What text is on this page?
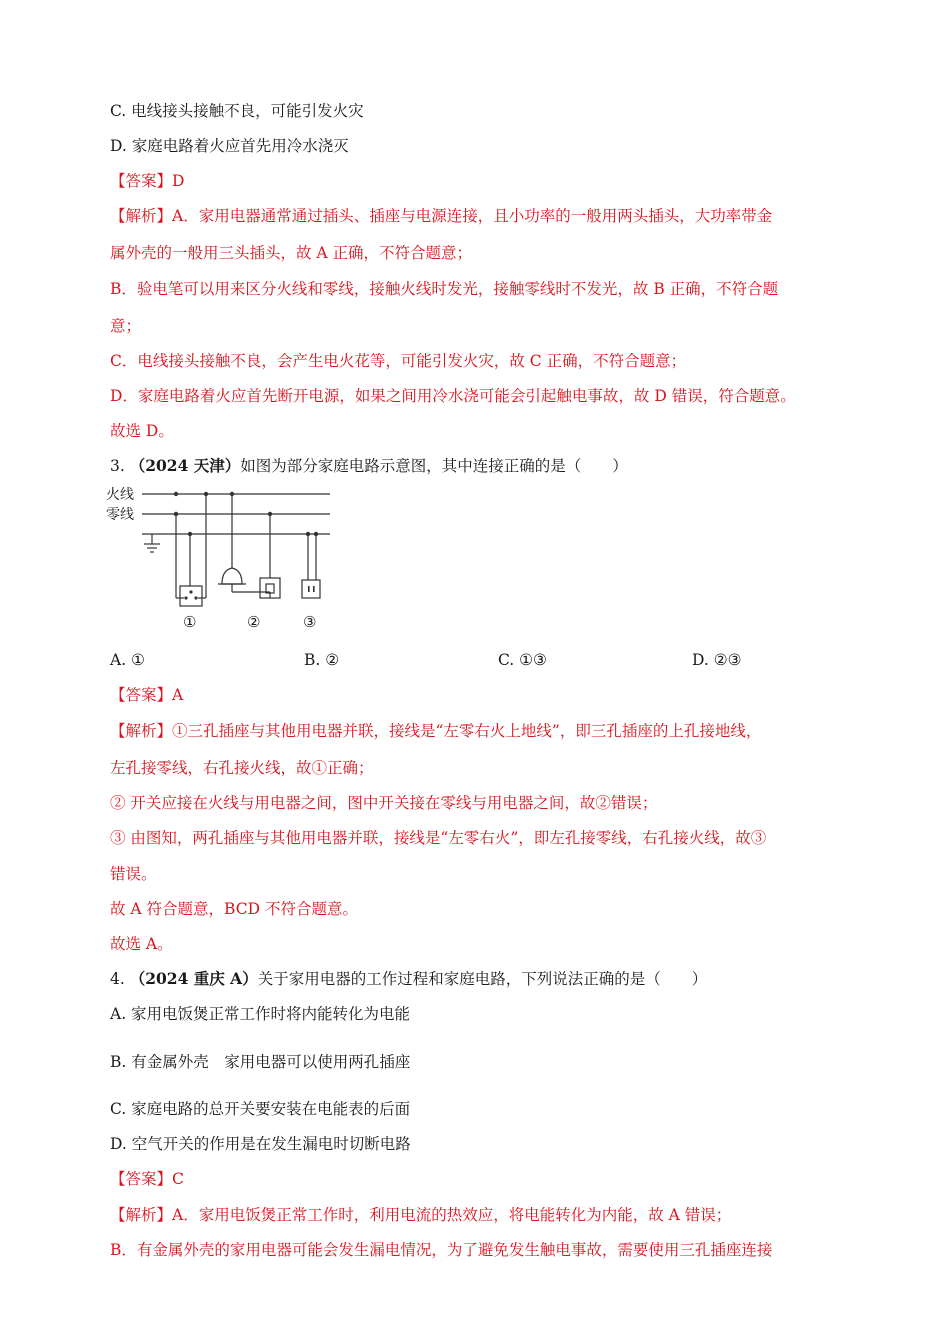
C. 电线接头接触不良，可能引发火灾
D. 家庭电路着火应首先用冷水浇灭
【答案】D
【解析】A．家用电器通常通过插头、插座与电源连接，且小功率的一般用两头插头，大功率带金
属外壳的一般用三头插头，故 A 正确，不符合题意；
B．验电笔可以用来区分火线和零线，接触火线时发光，接触零线时不发光，故 B 正确，不符合题
意；
C．电线接头接触不良，会产生电火花等，可能引发火灾，故 C 正确，不符合题意；
D．家庭电路着火应首先断开电源，如果之间用冷水浇可能会引起触电事故，故 D 错误，符合题意。
故选 D。
3. （2024 天津）如图为部分家庭电路示意图，其中连接正确的是（　　）
火线
零线
①	②	③
A. ①	B. ②	C. ①③	D. ②③
【答案】A
【解析】①三孔插座与其他用电器并联，接线是“左零右火上地线”，即三孔插座的上孔接地线，
左孔接零线，右孔接火线，故①正确；
② 开关应接在火线与用电器之间，图中开关接在零线与用电器之间，故②错误；
③ 由图知，两孔插座与其他用电器并联，接线是“左零右火”，即左孔接零线，右孔接火线，故③
错误。
故 A 符合题意，BCD 不符合题意。
故选 A。
4. （2024 重庆 A）关于家用电器的工作过程和家庭电路，下列说法正确的是（　　）
A. 家用电饭煲正常工作时将内能转化为电能
B. 有金属外壳　家用电器可以使用两孔插座
C. 家庭电路的总开关要安装在电能表的后面
D. 空气开关的作用是在发生漏电时切断电路
【答案】C
【解析】A．家用电饭煲正常工作时，利用电流的热效应，将电能转化为内能，故 A 错误；
B．有金属外壳的家用电器可能会发生漏电情况，为了避免发生触电事故，需要使用三孔插座连接
